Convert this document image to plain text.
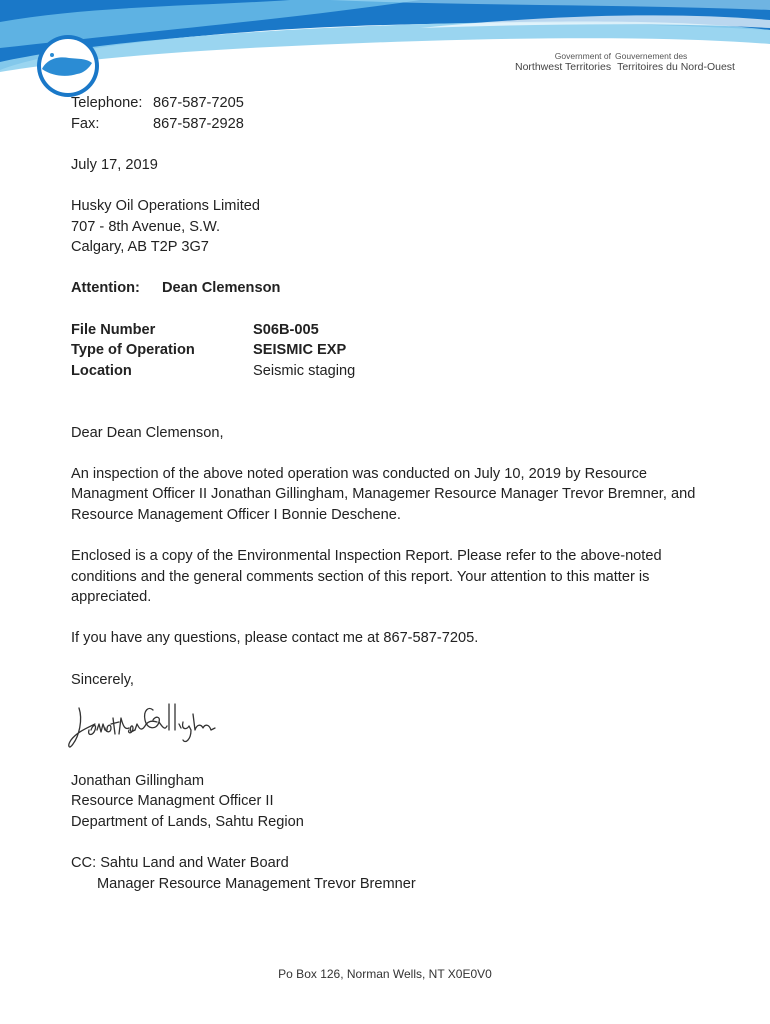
Government of Gouvernement des
Northwest Territories Territoires du Nord-Ouest
Telephone: 867-587-7205
Fax:	867-587-2928

July 17, 2019

Husky Oil Operations Limited

707 - 8th Avenue, S.W.

Calgary, AB T2P 3G7

Attention:	Dean Clemenson
File Number	S06B-005
Type of Operation	SEISMIC EXP
Location	Seismic staging

Dear Dean Clemenson,

An inspection of the above noted operation was conducted on July 10, 2019 by Resource Managment Officer II Jonathan Gillingham, Managemer Resource Manager Trevor Bremner, and Resource Management Officer I Bonnie Deschene.

Enclosed is a copy of the Environmental Inspection Report. Please refer to the above-noted conditions and the general comments section of this report. Your attention to this matter is appreciated.

If you have any questions, please contact me at 867-587-7205.

Sincerely,

Jonathan Gillingham

Resource Managment Officer II

Department of Lands, Sahtu Region

CC: Sahtu Land and Water Board

Manager Resource Management Trevor Bremner

Po Box 126, Norman Wells, NT X0E0V0
